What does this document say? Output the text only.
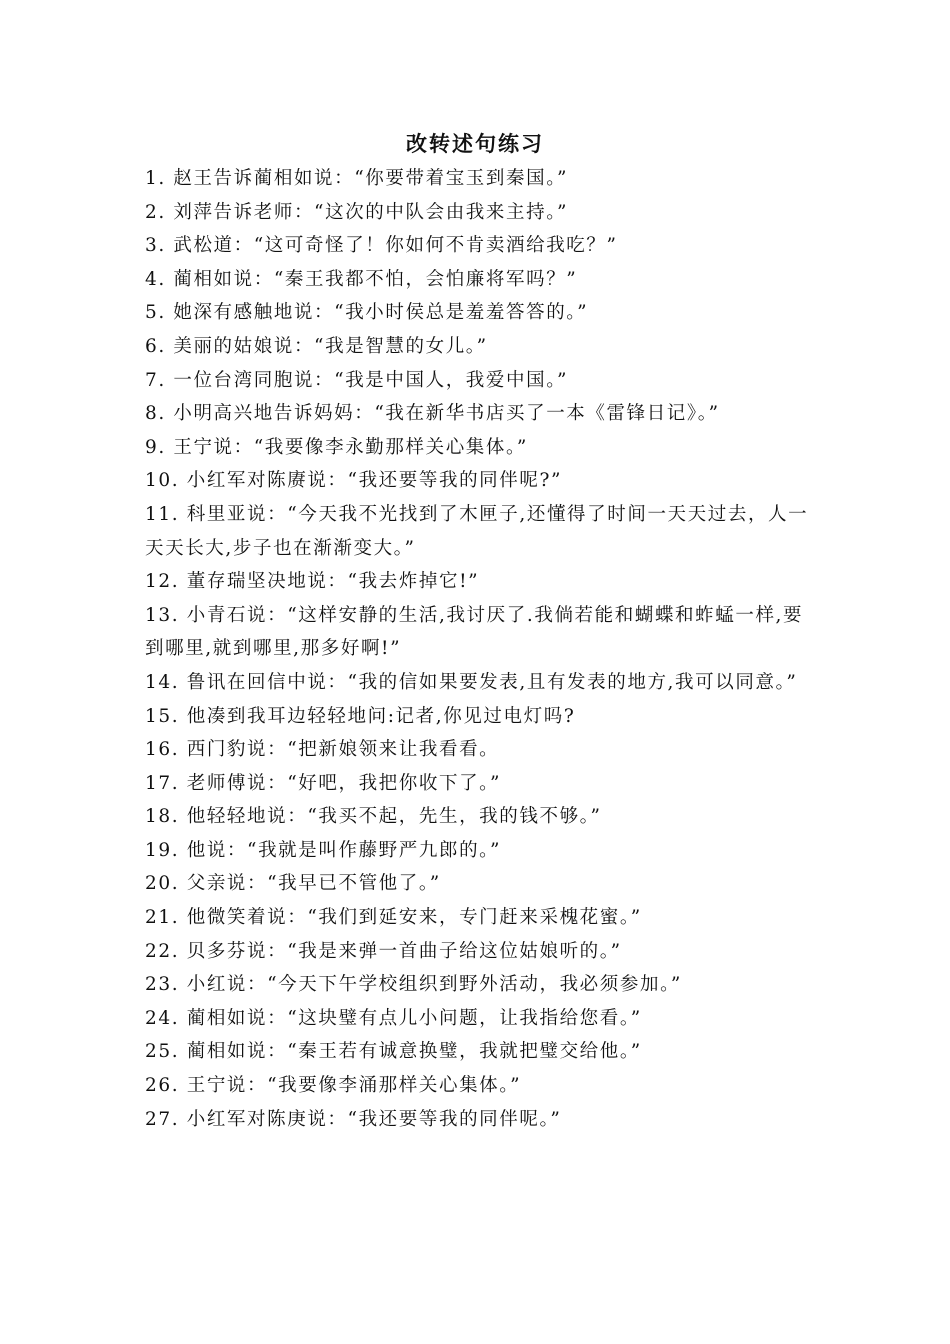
改转述句练习
1. 赵王告诉蔺相如说：“你要带着宝玉到秦国。”
2. 刘萍告诉老师：“这次的中队会由我来主持。”
3. 武松道：“这可奇怪了！你如何不肯卖酒给我吃？”
4. 蔺相如说：“秦王我都不怕，会怕廉将军吗？”
5. 她深有感触地说：“我小时侯总是羞羞答答的。”
6. 美丽的姑娘说：“我是智慧的女儿。”
7. 一位台湾同胞说：“我是中国人，我爱中国。”
8. 小明高兴地告诉妈妈：“我在新华书店买了一本《雷锋日记》。”
9. 王宁说：“我要像李永勤那样关心集体。”
10. 小红军对陈赓说：“我还要等我的同伴呢?”
11. 科里亚说：“今天我不光找到了木匣子,还懂得了时间一天天过去，人一天天长大,步子也在渐渐变大。”
12. 董存瑞坚决地说：“我去炸掉它!”
13. 小青石说：“这样安静的生活,我讨厌了.我倘若能和蝴蝶和蚱蜢一样,要到哪里,就到哪里,那多好啊!”
14. 鲁讯在回信中说：“我的信如果要发表,且有发表的地方,我可以同意。”
15. 他凑到我耳边轻轻地问:记者,你见过电灯吗?
16. 西门豹说：“把新娘领来让我看看。
17. 老师傅说：“好吧，我把你收下了。”
18. 他轻轻地说：“我买不起，先生，我的钱不够。”
19. 他说：“我就是叫作藤野严九郎的。”
20. 父亲说：“我早已不管他了。”
21. 他微笑着说：“我们到延安来，专门赶来采槐花蜜。”
22. 贝多芬说：“我是来弹一首曲子给这位姑娘听的。”
23. 小红说：“今天下午学校组织到野外活动，我必须参加。”
24. 蔺相如说：“这块璧有点儿小问题，让我指给您看。”
25. 蔺相如说：“秦王若有诚意换璧，我就把璧交给他。”
26. 王宁说：“我要像李涌那样关心集体。”
27. 小红军对陈庚说：“我还要等我的同伴呢。”
